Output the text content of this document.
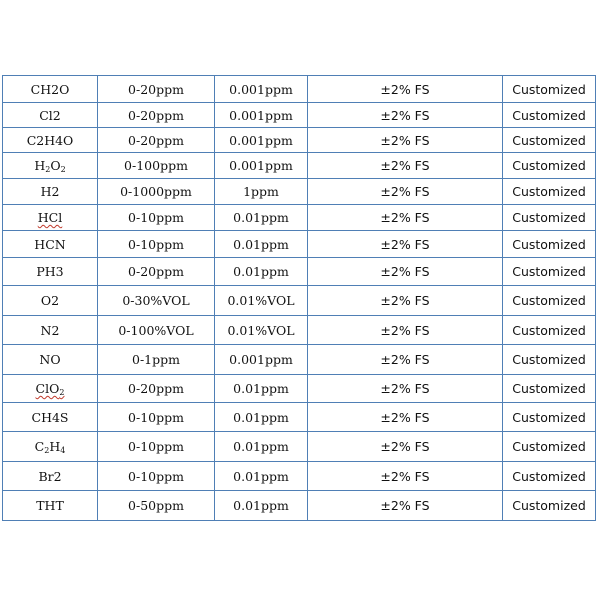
CH2O	0-20ppm	0.001ppm	±2% FS	Customized
Cl2	0-20ppm	0.001ppm	±2% FS	Customized
C2H4O	0-20ppm	0.001ppm	±2% FS	Customized
$H_2O_2$	0-100ppm	0.001ppm	±2% FS	Customized
H2	0-1000ppm	1ppm	±2% FS	Customized
HCl	0-10ppm	0.01ppm	±2% FS	Customized
HCN	0-10ppm	0.01ppm	±2% FS	Customized
PH3	0-20ppm	0.01ppm	±2% FS	Customized
O2	0-30%VOL	0.01%VOL	±2% FS	Customized
N2	0-100%VOL	0.01%VOL	±2% FS	Customized
NO	0-1ppm	0.001ppm	±2% FS	Customized
ClO$_2$	0-20ppm	0.01ppm	±2% FS	Customized
CH4S	0-10ppm	0.01ppm	±2% FS	Customized
$C_2H_4$	0-10ppm	0.01ppm	±2% FS	Customized
Br2	0-10ppm	0.01ppm	±2% FS	Customized
THT	0-50ppm	0.01ppm	±2% FS	Customized
